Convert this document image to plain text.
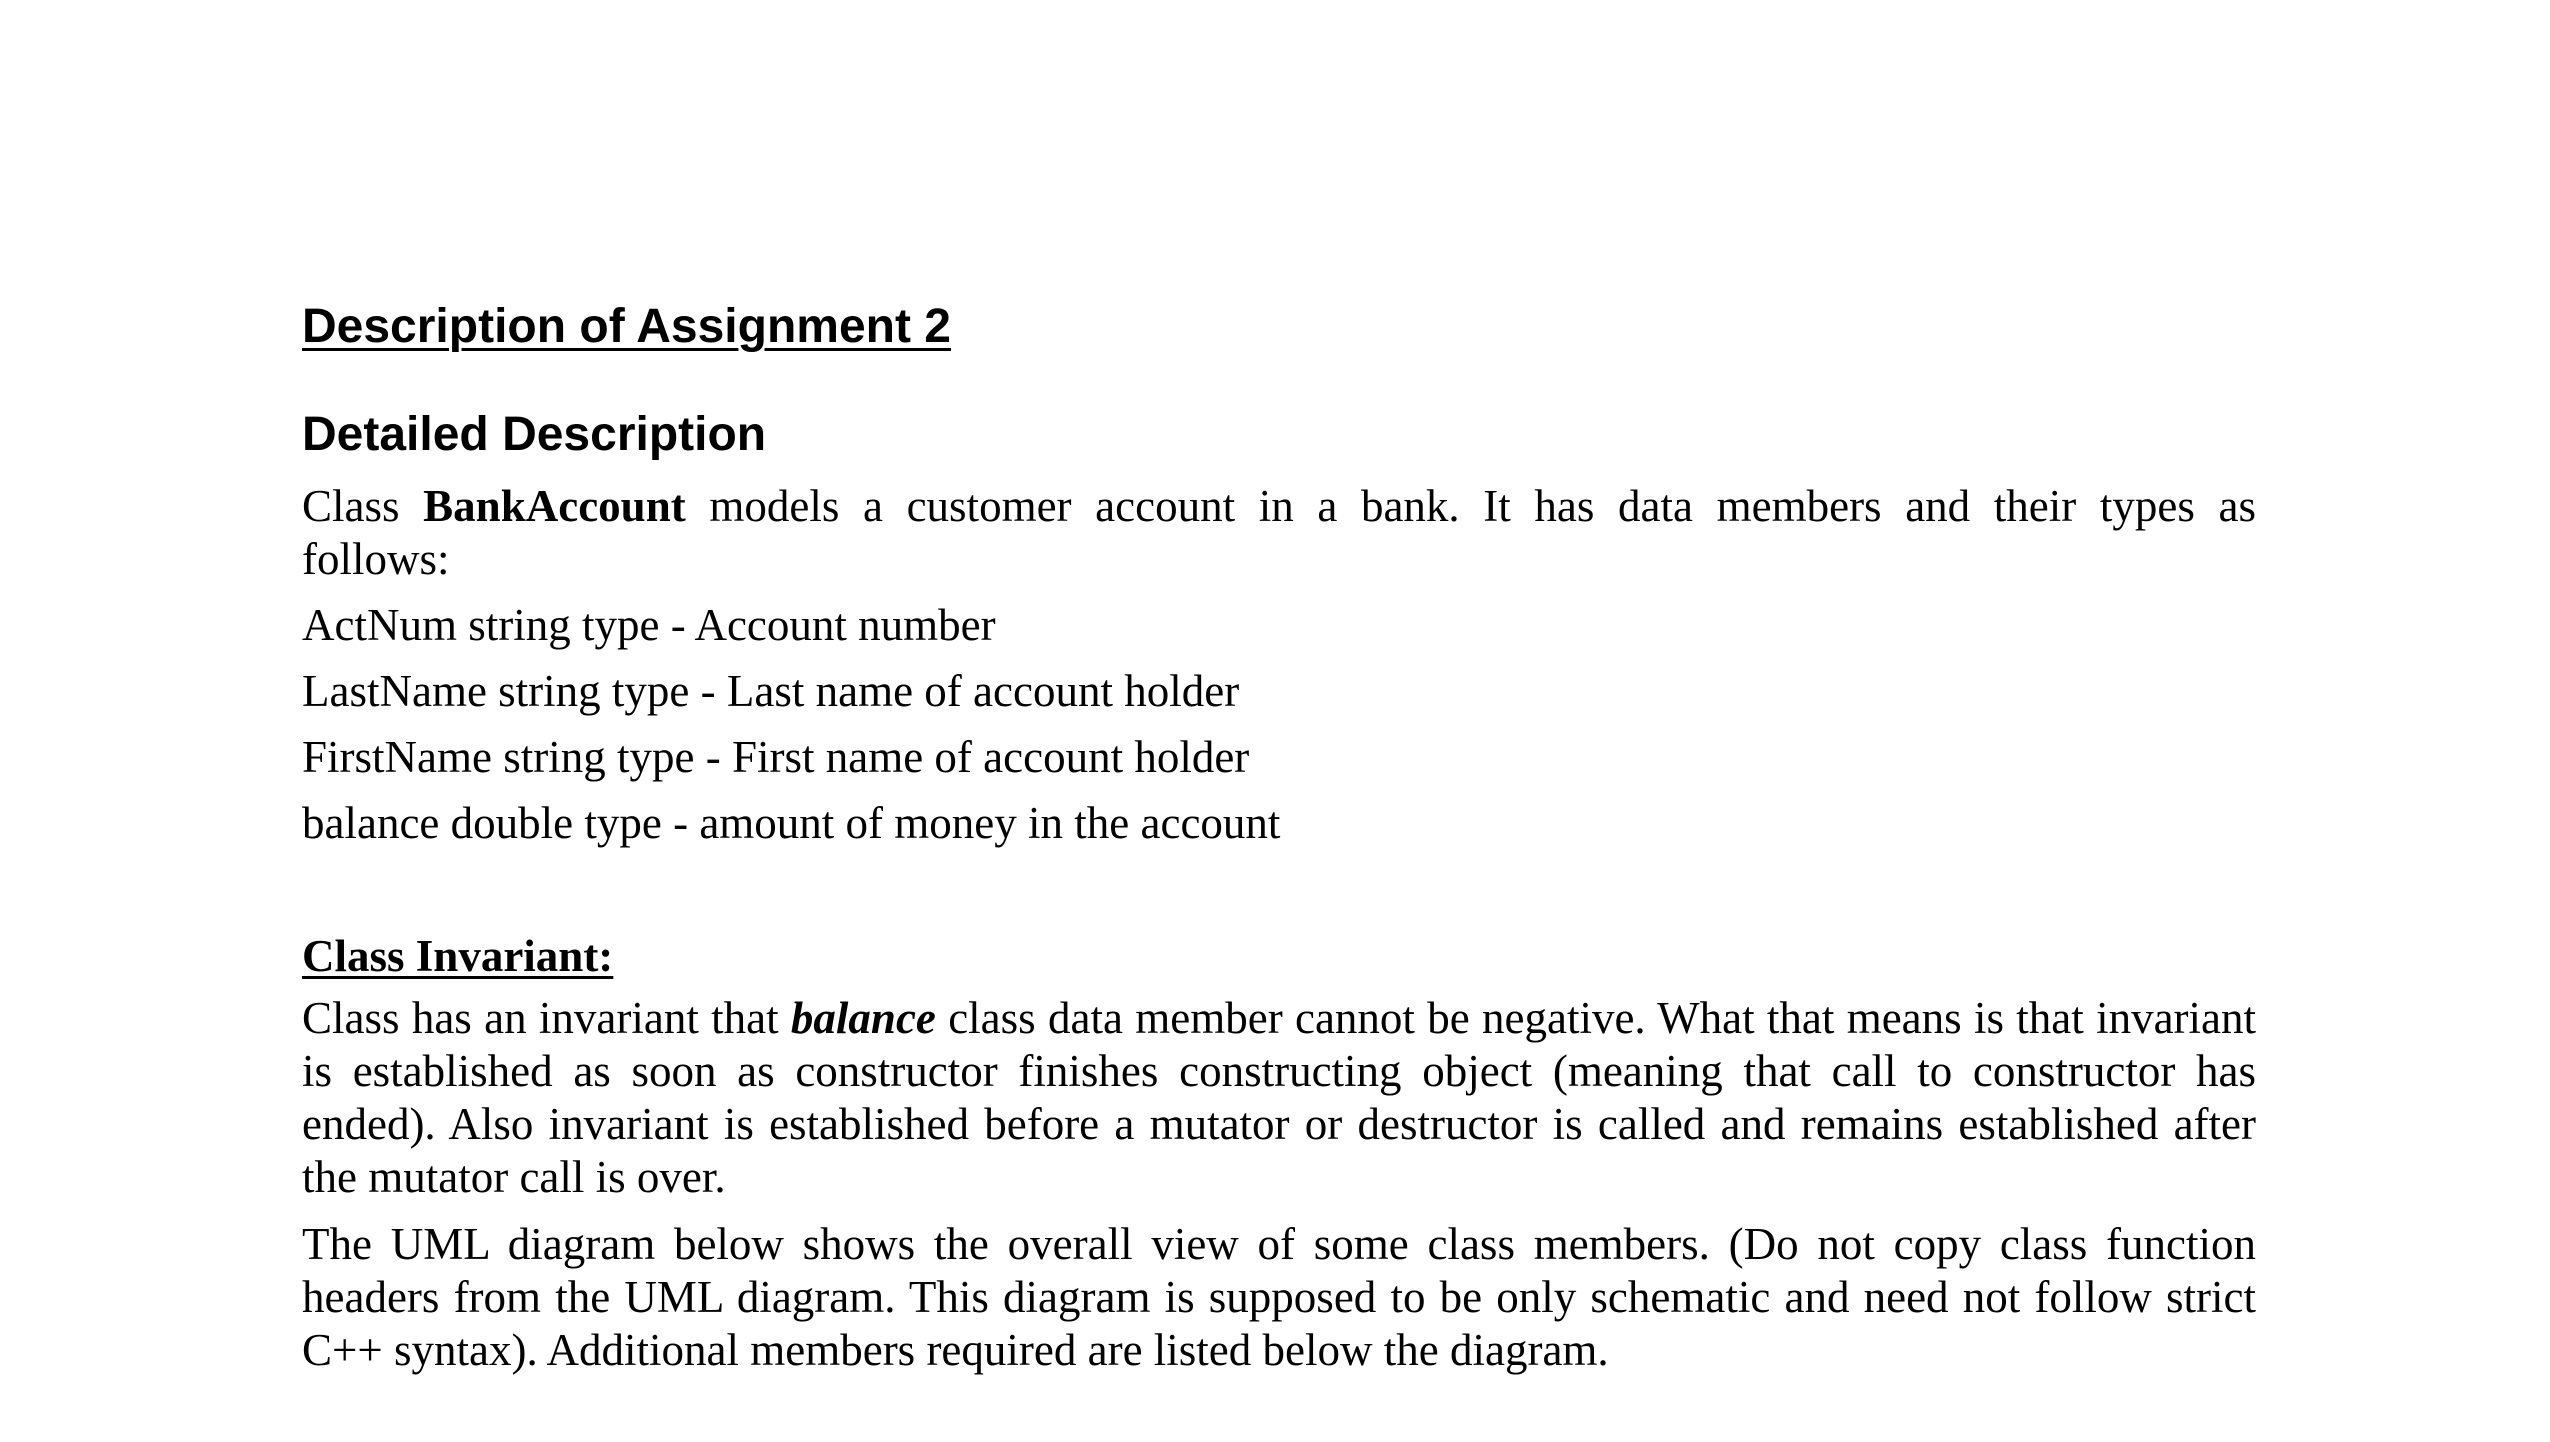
Description of Assignment 2
Detailed Description

Class BankAccount models a customer account in a bank. It has data members and their types as follows:

ActNum string type - Account number

LastName string type - Last name of account holder

FirstName string type - First name of account holder

balance double type - amount of money in the account

Class Invariant:

Class has an invariant that balance class data member cannot be negative. What that means is that invariant is established as soon as constructor finishes constructing object (meaning that call to constructor has ended). Also invariant is established before a mutator or destructor is called and remains established after the mutator call is over.

The UML diagram below shows the overall view of some class members. (Do not copy class function headers from the UML diagram. This diagram is supposed to be only schematic and need not follow strict C++ syntax). Additional members required are listed below the diagram.
